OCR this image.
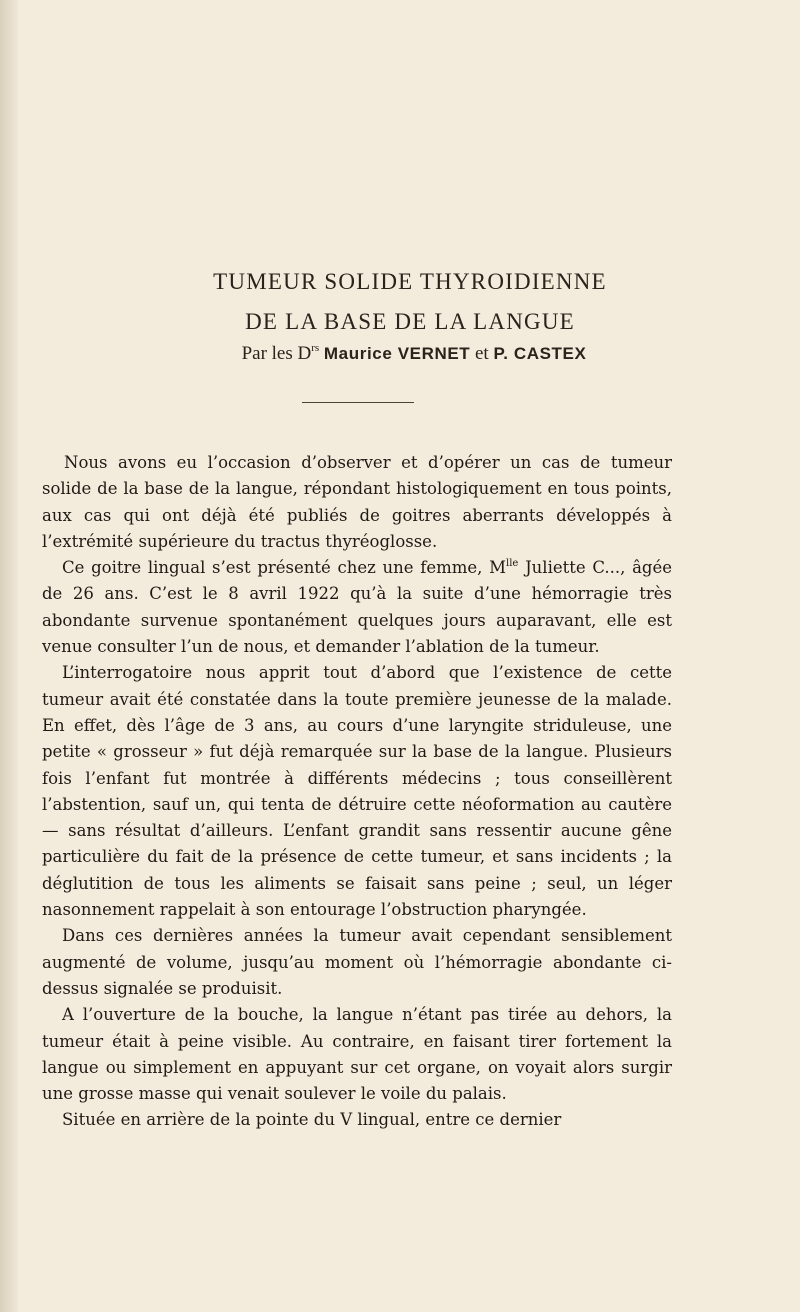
TUMEUR SOLIDE THYROIDIENNE
DE LA BASE DE LA LANGUE
Par les $D^{rs}$ Maurice VERNET et P. CASTEX

Nous avons eu l’occasion d’observer et d’opérer un cas de tumeur solide de la base de la langue, répondant histologiquement en tous points, aux cas qui ont déjà été publiés de goitres aberrants développés à l’extrémité supérieure du tractus thyréoglosse.

Ce goitre lingual s’est présenté chez une femme, $M^{lle}$ Juliette C..., âgée de 26 ans. C’est le 8 avril 1922 qu’à la suite d’une hémorragie très abondante survenue spontanément quelques jours auparavant, elle est venue consulter l’un de nous, et demander l’ablation de la tumeur.

L’interrogatoire nous apprit tout d’abord que l’existence de cette tumeur avait été constatée dans la toute première jeunesse de la malade. En effet, dès l’âge de 3 ans, au cours d’une laryngite striduleuse, une petite « grosseur » fut déjà remarquée sur la base de la langue. Plusieurs fois l’enfant fut montrée à différents médecins ; tous conseillèrent l’abstention, sauf un, qui tenta de détruire cette néoformation au cautère — sans résultat d’ailleurs. L’enfant grandit sans ressentir aucune gêne particulière du fait de la présence de cette tumeur, et sans incidents ; la déglutition de tous les aliments se faisait sans peine ; seul, un léger nasonnement rappelait à son entourage l’obstruction pharyngée.

Dans ces dernières années la tumeur avait cependant sensiblement augmenté de volume, jusqu’au moment où l’hémorragie abondante ci-dessus signalée se produisit.

A l’ouverture de la bouche, la langue n’étant pas tirée au dehors, la tumeur était à peine visible. Au contraire, en faisant tirer fortement la langue ou simplement en appuyant sur cet organe, on voyait alors surgir une grosse masse qui venait soulever le voile du palais.

Située en arrière de la pointe du V lingual, entre ce dernier
